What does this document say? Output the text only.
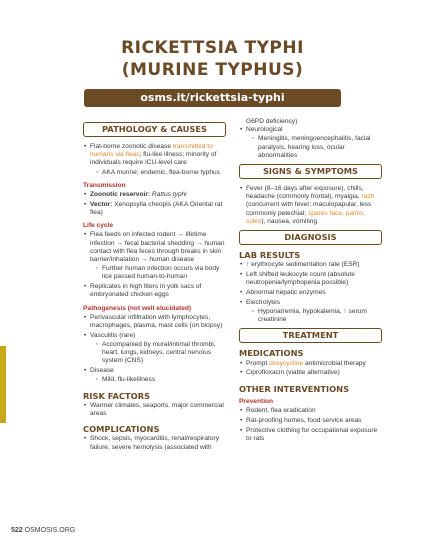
RICKETTSIA TYPHI
(MURINE TYPHUS)
osms.it/rickettsia-typhi
PATHOLOGY & CAUSES
• Flat-borne zoonotic disease transmitted to humans via fleas; flu-like illness; minority of individuals require ICU-level care
◦ AKA murine; endemic, flea-borne typhus
Transmission
• Zoonotic reservoir: Rattus typhi
• Vector: Xenopsylla cheopis (AKA Oriental rat flea)
Life cycle
• Flea feeds on infected rodent → lifetime infection → fecal bacterial shedding → human contact with flea feces through breaks in skin barrier/inhalation → human disease
◦ Further human infection occurs via body lice passed human-to-human
• Replicates in high titers in yolk sacs of embryonated chicken eggs
Pathogenesis (not well elucidated)
• Perivascular infiltration with lymphocytes, macrophages, plasma, mast cells (on biopsy)
• Vasculitis (rare)
◦ Accompanied by mural/intimal thrombi, heart, lungs, kidneys, central nervous system (CNS)
• Disease
◦ Mild, flu-likeillness
RISK FACTORS
• Warmer climates, seaports, major commercial areas
COMPLICATIONS
• Shock, sepsis, myocarditis, renal/respiratory failure, severe hemolysis (associated with
G6PD deficiency)
• Neurological
◦ Meningitis, meningoencephalitis, facial paralysis, hearing loss, ocular abnormalities
SIGNS & SYMPTOMS
• Fever (8–16 days after exposure), chills, headache (commonly frontal), myalgia, rash (concurrent with fever; maculopapular, less commonly petechial; spares face, palms, soles), nausea, vomiting
DIAGNOSIS
LAB RESULTS
• ↑ erythrocyte sedimentation rate (ESR)
• Left shifted leukocyte count (absolute neutropenia/lymphopenia possible)
• Abnormal hepatic enzymes
• Electrolytes
◦ Hyponatremia, hypokalemia, ↑ serum creatinine
TREATMENT
MEDICATIONS
• Prompt doxycycline antimicrobial therapy
• Ciprofloxacin (viable alternative)
OTHER INTERVENTIONS
Prevention
• Rodent, flea eradication
• Rat-proofing homes, food service areas
• Protective clothing for occupational exposure to rats
522 OSMOSIS.ORG
